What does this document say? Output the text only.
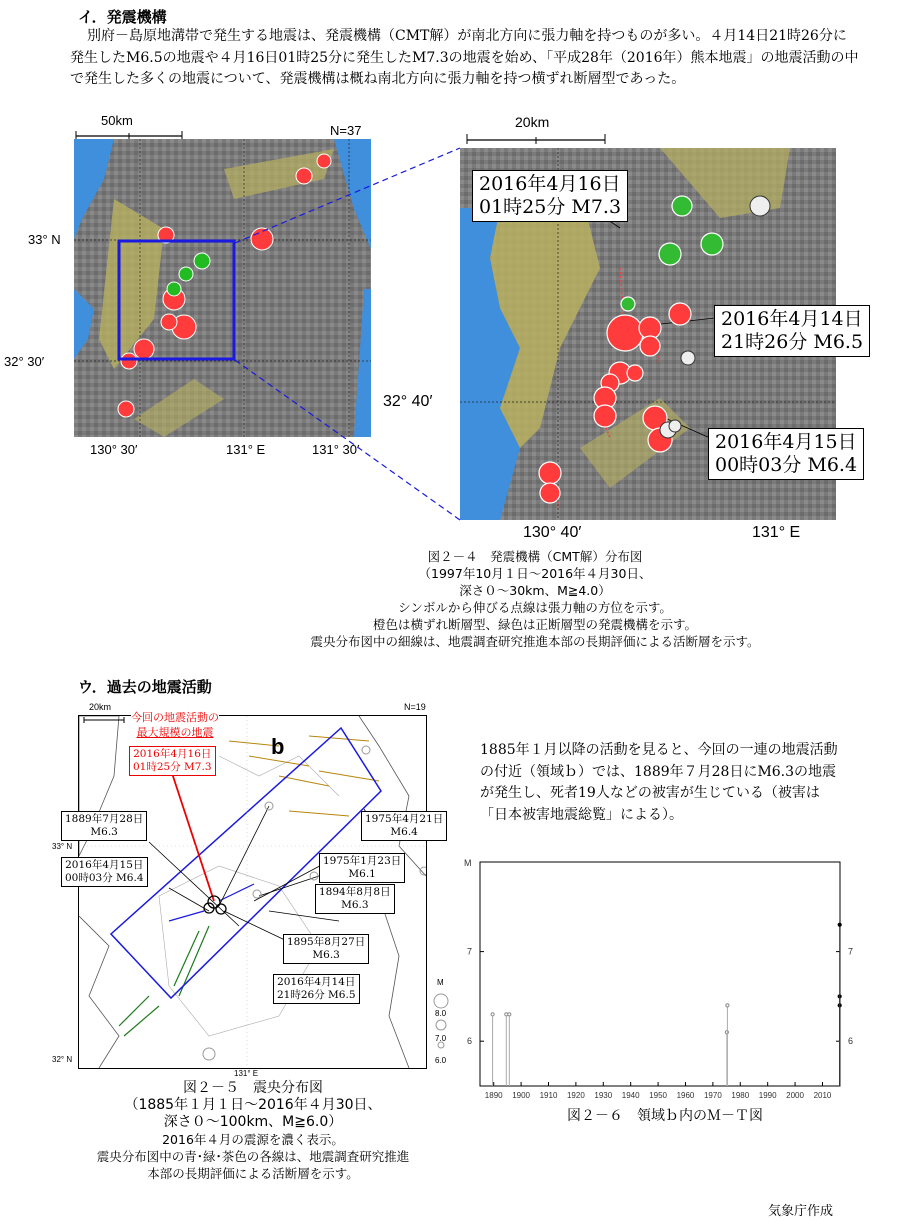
イ．発震機構
別府－島原地溝帯で発生する地震は、発震機構（CMT解）が南北方向に張力軸を持つものが多い。４月14日21時26分に発生したM6.5の地震や４月16日01時25分に発生したM7.3の地震を始め、「平成28年（2016年）熊本地震」の地震活動の中で発生した多くの地震について、発震機構は概ね南北方向に張力軸を持つ横ずれ断層型であった。
50km
N=37
33° N
32° 30′
130° 30′	131° E	131° 30′
20km
2016年4月16日
01時25分 M7.3
2016年4月14日
21時26分 M6.5
2016年4月15日
00時03分 M6.4
32° 40′
130° 40′	131° E
図２－４　発震機構（CMT解）分布図
（1997年10月１日～2016年４月30日、
深さ０～30km、M≧4.0）
シンボルから伸びる点線は張力軸の方位を示す。
橙色は横ずれ断層型、緑色は正断層型の発震機構を示す。
震央分布図中の細線は、地震調査研究推進本部の長期評価による活断層を示す。
ウ．過去の地震活動
M
8.0
7.0
6.0
20km	N=19
b
今回の地震活動の
最大規模の地震
2016年4月16日
01時25分 M7.3
1889年7月28日
M6.3
2016年4月15日
00時03分 M6.4
1975年4月21日
M6.4
1975年1月23日
M6.1
1894年8月8日
M6.3
1895年8月27日
M6.3
2016年4月14日
21時26分 M6.5
131° E
33° N
32° N
図２－５　震央分布図
（1885年１月１日～2016年４月30日、
深さ０～100km、M≧6.0）
2016年４月の震源を濃く表示。
震央分布図中の青･緑･茶色の各線は、地震調査研究推進
本部の長期評価による活断層を示す。
1885年１月以降の活動を見ると、今回の一連の地震活動の付近（領域ｂ）では、1889年７月28日にM6.3の地震が発生し、死者19人などの被害が生じている（被害は「日本被害地震総覧」による）。
M
1890 1900 1910 1920 1930 1940 1950 1960 1970 1980 1990 2000 2010
6	6
7	7
図２－６　領域ｂ内のＭ－Ｔ図
気象庁作成
